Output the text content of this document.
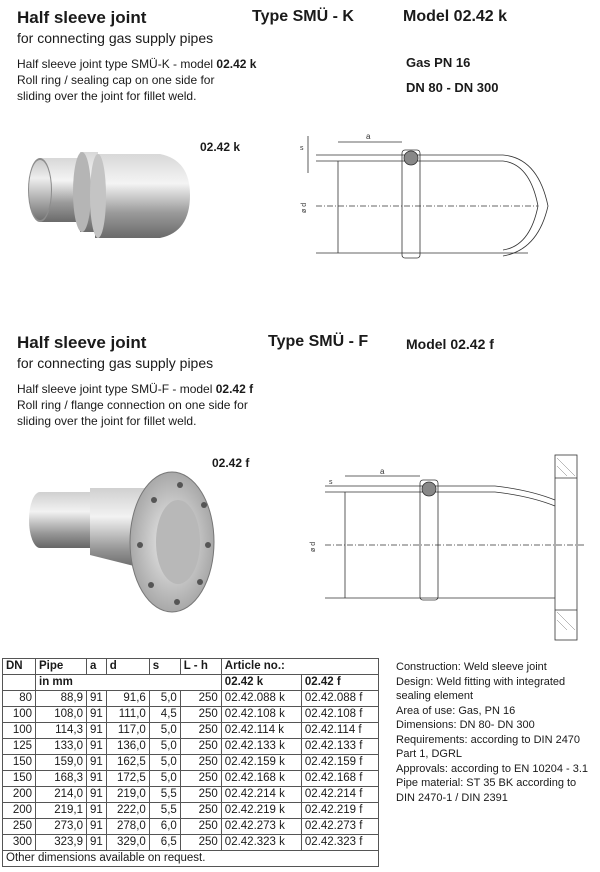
Half sleeve joint	Type SMÜ - K	Model 02.42 k
for connecting gas supply pipes
Half sleeve joint type SMÜ-K - model 02.42 k
Roll ring / sealing cap on one side for
sliding over the joint for fillet weld.
Gas PN 16
DN 80 - DN 300
02.42 k
a
s
ø d
Half sleeve joint	Type SMÜ - F	Model 02.42 f
for connecting gas supply pipes
Half sleeve joint type SMÜ-F - model 02.42 f
Roll ring / flange connection on one side for
sliding over the joint for fillet weld.
02.42 f
a
s
ø d
DN	Pipe	a	d	s	L - h	Article no.:	
	in mm					02.42 k	02.42 f
80	88,9	91	91,6	5,0	250	02.42.088 k	02.42.088 f
100	108,0	91	111,0	4,5	250	02.42.108 k	02.42.108 f
100	114,3	91	117,0	5,0	250	02.42.114 k	02.42.114 f
125	133,0	91	136,0	5,0	250	02.42.133 k	02.42.133 f
150	159,0	91	162,5	5,0	250	02.42.159 k	02.42.159 f
150	168,3	91	172,5	5,0	250	02.42.168 k	02.42.168 f
200	214,0	91	219,0	5,5	250	02.42.214 k	02.42.214 f
200	219,1	91	222,0	5,5	250	02.42.219 k	02.42.219 f
250	273,0	91	278,0	6,0	250	02.42.273 k	02.42.273 f
300	323,9	91	329,0	6,5	250	02.42.323 k	02.42.323 f
Other dimensions available on request.							
Construction: Weld sleeve joint
Design: Weld fitting with integrated
sealing element
Area of use: Gas, PN 16
Dimensions: DN 80- DN 300
Requirements: according to DIN 2470
Part 1, DGRL
Approvals: according to EN 10204 - 3.1
Pipe material: ST 35 BK according to
DIN 2470-1 / DIN 2391
